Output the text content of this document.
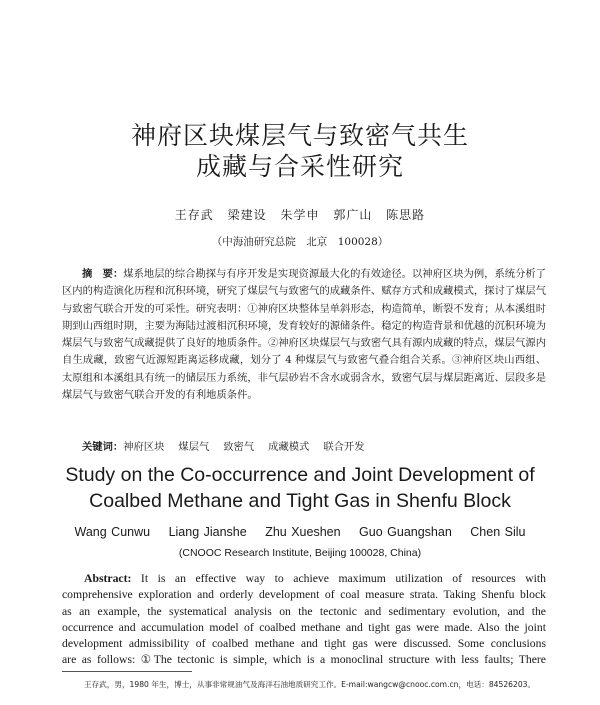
神府区块煤层气与致密气共生
成藏与合采性研究
王存武 梁建设 朱学申 郭广山 陈思路
（中海油研究总院　北京　100028）
摘　要：煤系地层的综合勘探与有序开发是实现资源最大化的有效途径。以神府区块为例，系统分析了区内的构造演化历程和沉积环境，研究了煤层气与致密气的成藏条件、赋存方式和成藏模式，探讨了煤层气与致密气联合开发的可采性。研究表明：①神府区块整体呈单斜形态，构造简单，断裂不发育；从本溪组时期到山西组时期，主要为海陆过渡相沉积环境，发育较好的源储条件。稳定的构造背景和优越的沉积环境为煤层气与致密气成藏提供了良好的地质条件。②神府区块煤层气与致密气具有源内成藏的特点，煤层气源内自生成藏，致密气近源短距离运移成藏，划分了 4 种煤层气与致密气叠合组合关系。③神府区块山西组、太原组和本溪组具有统一的储层压力系统，非气层砂岩不含水或弱含水，致密气层与煤层距离近、层段多是煤层气与致密气联合开发的有利地质条件。
关键词：神府区块 煤层气 致密气 成藏模式 联合开发
Study on the Co-occurrence and Joint Development of
Coalbed Methane and Tight Gas in Shenfu Block
Wang Cunwu Liang Jianshe Zhu Xueshen Guo Guangshan Chen Silu
(CNOOC Research Institute, Beijing 100028, China)
Abstract: It is an effective way to achieve maximum utilization of resources with
comprehensive exploration and orderly development of coal measure strata. Taking Shenfu block
as an example, the systematical analysis on the tectonic and sedimentary evolution, and the
occurrence and accumulation model of coalbed methane and tight gas were made. Also the joint
development admissibility of coalbed methane and tight gas were discussed. Some conclusions
are as follows: ①The tectonic is simple, which is a monoclinal structure with less faults; There
王存武，男，1980 年生，博士，从事非常规油气及海洋石油地质研究工作。E-mail:wangcw@cnooc.com.cn，电话：84526203。
